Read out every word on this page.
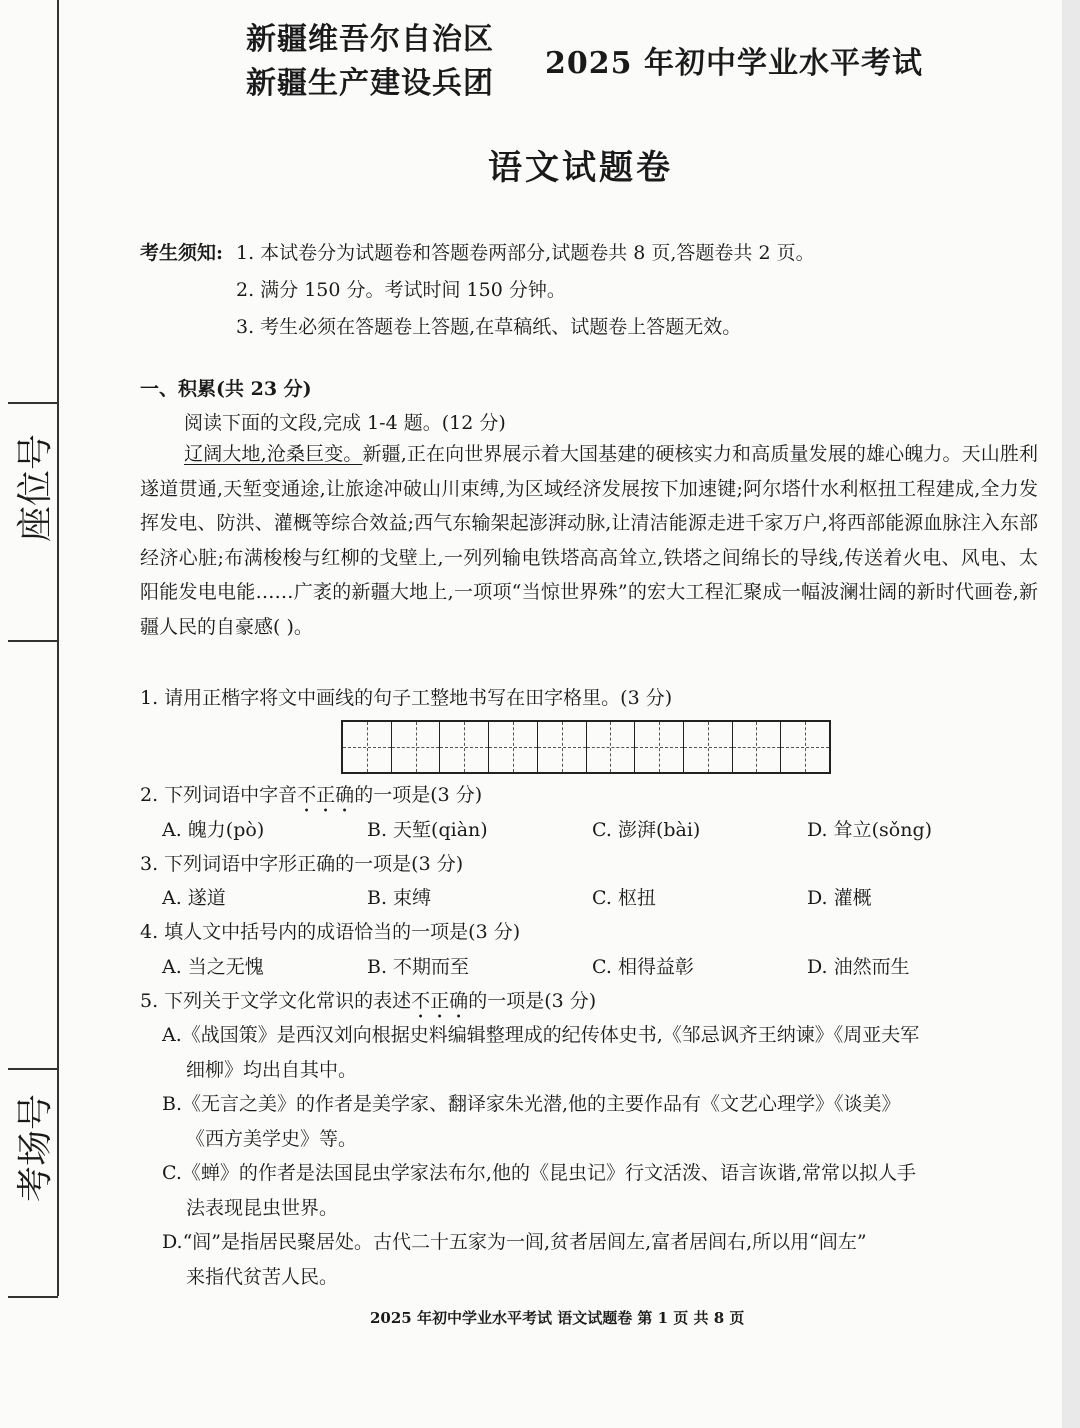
新疆维吾尔自治区
新疆生产建设兵团
2025 年初中学业水平考试
语文试题卷
考生须知: 1. 本试卷分为试题卷和答题卷两部分,试题卷共 8 页,答题卷共 2 页。
2. 满分 150 分。考试时间 150 分钟。
3. 考生必须在答题卷上答题,在草稿纸、试题卷上答题无效。
一、积累(共 23 分)
阅读下面的文段,完成 1-4 题。(12 分)
辽阔大地,沧桑巨变。新疆,正在向世界展示着大国基建的硬核实力和高质量发展的雄心魄力。天山胜利遂道贯通,天堑变通途,让旅途冲破山川束缚,为区域经济发展按下加速键;阿尔塔什水利枢扭工程建成,全力发挥发电、防洪、灌概等综合效益;西气东输架起澎湃动脉,让清洁能源走进千家万户,将西部能源血脉注入东部经济心脏;布满梭梭与红柳的戈壁上,一列列输电铁塔高高耸立,铁塔之间绵长的导线,传送着火电、风电、太阳能发电电能……广袤的新疆大地上,一项项“当惊世界殊”的宏大工程汇聚成一幅波澜壮阔的新时代画卷,新疆人民的自豪感( )。
1. 请用正楷字将文中画线的句子工整地书写在田字格里。(3 分)
2. 下列词语中字音不正确的一项是(3 分)
A. 魄力(pò)	B. 天堑(qiàn)	C. 澎湃(bài)	D. 耸立(sǒng)
3. 下列词语中字形正确的一项是(3 分)
A. 遂道	B. 束缚	C. 枢扭	D. 灌概
4. 填人文中括号内的成语恰当的一项是(3 分)
A. 当之无愧	B. 不期而至	C. 相得益彰	D. 油然而生
5. 下列关于文学文化常识的表述不正确的一项是(3 分)
A.《战国策》是西汉刘向根据史料编辑整理成的纪传体史书,《邹忌讽齐王纳谏》《周亚夫军
细柳》均出自其中。
B.《无言之美》的作者是美学家、翻译家朱光潜,他的主要作品有《文艺心理学》《谈美》
《西方美学史》等。
C.《蝉》的作者是法国昆虫学家法布尔,他的《昆虫记》行文活泼、语言诙谐,常常以拟人手
法表现昆虫世界。
D.“闾”是指居民聚居处。古代二十五家为一闾,贫者居闾左,富者居闾右,所以用“闾左”
来指代贫苦人民。
2025 年初中学业水平考试 语文试题卷 第 1 页 共 8 页
